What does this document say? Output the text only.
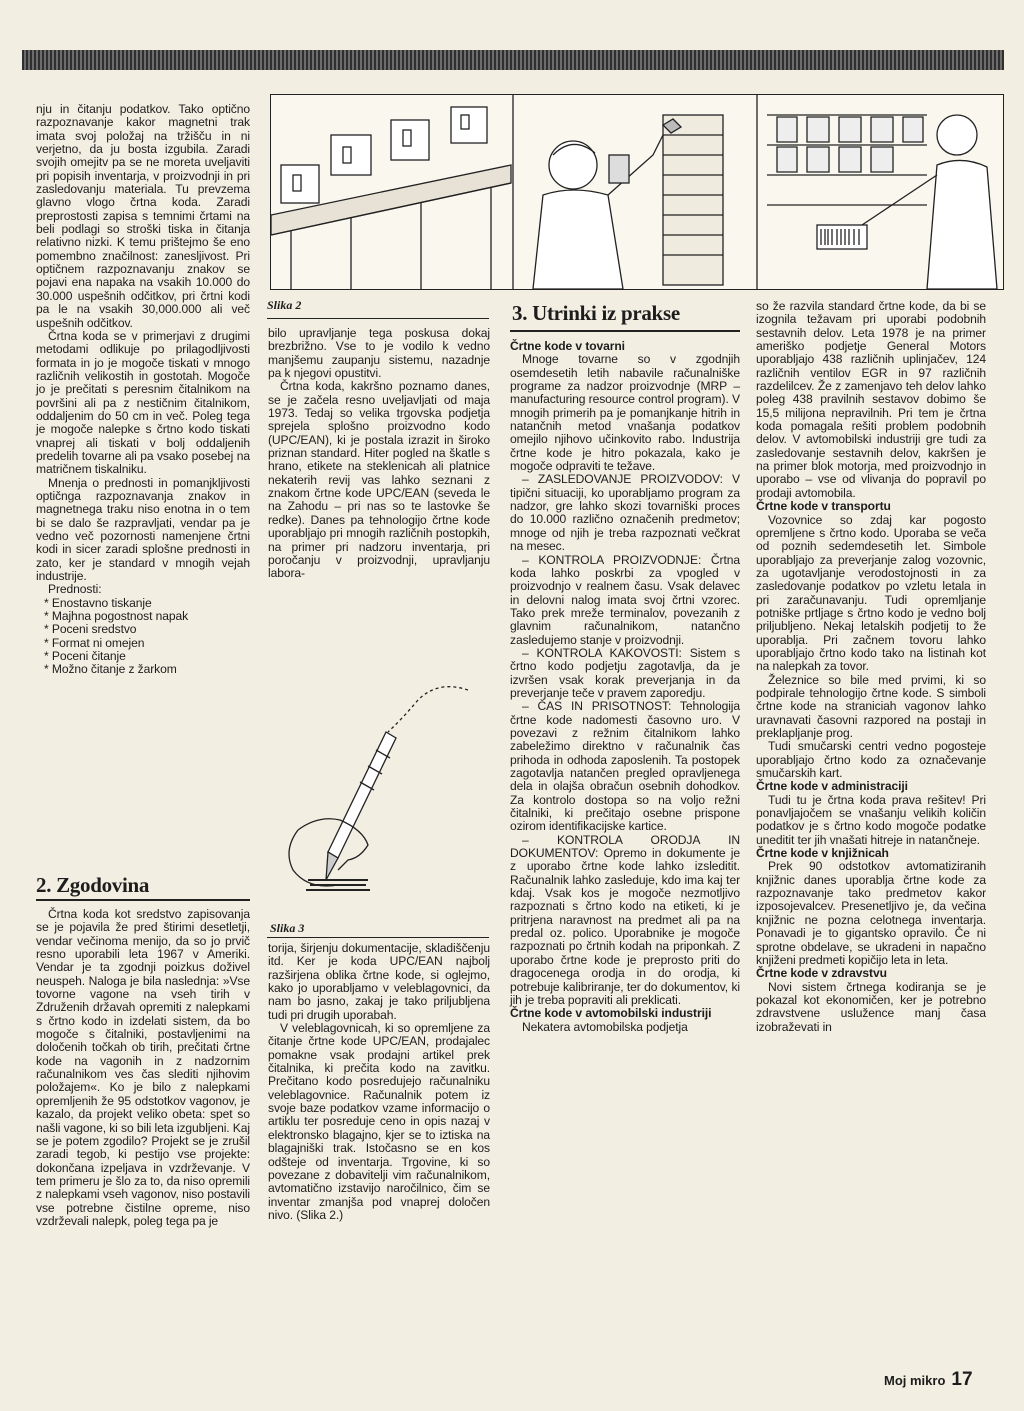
nju in čitanju podatkov. Tako optično razpoznavanje kakor magnetni trak imata svoj položaj na tržišču in ni verjetno, da ju bosta izgubila. Zaradi svojih omejitv pa se ne moreta uveljaviti pri popisih inventarja, v proizvodnji in pri zasledovanju materiala. Tu prevzema glavno vlogo črtna koda. Zaradi preprostosti zapisa s temnimi črtami na beli podlagi so stroški tiska in čitanja relativno nizki. K temu prištejmo še eno pomembno značilnost: zanesljivost. Pri optičnem razpoznavanju znakov se pojavi ena napaka na vsakih 10.000 do 30.000 uspešnih odčitkov, pri črtni kodi pa le na vsakih 30,000.000 ali več uspešnih odčitkov.

Črtna koda se v primerjavi z drugimi metodami odlikuje po prilagodljivosti formata in jo je mogoče tiskati v mnogo različnih velikostih in gostotah. Mogoče jo je prečitati s peresnim čitalnikom na površini ali pa z nestičnim čitalnikom, oddaljenim do 50 cm in več. Poleg tega je mogoče nalepke s črtno kodo tiskati vnaprej ali tiskati v bolj oddaljenih predelih tovarne ali pa vsako posebej na matričnem tiskalniku.

Mnenja o prednosti in pomanjkljivosti optičnga razpoznavanja znakov in magnetnega traku niso enotna in o tem bi se dalo še razpravljati, vendar pa je vedno več pozornosti namenjene črtni kodi in sicer zaradi splošne prednosti in zato, ker je standard v mnogih vejah industrije.

Prednosti:

* Enostavno tiskanje
* Majhna pogostnost napak
* Poceni sredstvo
* Format ni omejen
* Poceni čitanje
* Možno čitanje z žarkom
2. Zgodovina

Črtna koda kot sredstvo zapisovanja se je pojavila že pred štirimi desetletji, vendar večinoma menijo, da so jo prvič resno uporabili leta 1967 v Ameriki. Vendar je ta zgodnji poizkus doživel neuspeh. Naloga je bila naslednja: »Vse tovorne vagone na vseh tirih v Združenih državah opremiti z nalepkami s črtno kodo in izdelati sistem, da bo mogoče s čitalniki, postavljenimi na določenih točkah ob tirih, prečitati črtne kode na vagonih in z nadzornim računalnikom ves čas slediti njihovim položajem«. Ko je bilo z nalepkami opremljenih že 95 odstotkov vagonov, je kazalo, da projekt veliko obeta: spet so našli vagone, ki so bili leta izgubljeni. Kaj se je potem zgodilo? Projekt se je zrušil zaradi tegob, ki pestijo vse projekte: dokončana izpeljava in vzdrževanje. V tem primeru je šlo za to, da niso opremili z nalepkami vseh vagonov, niso postavili vse potrebne čistilne opreme, niso vzdrževali nalepk, poleg tega pa je

Slika 2

bilo upravljanje tega poskusa dokaj brezbrižno. Vse to je vodilo k vedno manjšemu zaupanju sistemu, nazadnje pa k njegovi opustitvi.

Črtna koda, kakršno poznamo danes, se je začela resno uveljavljati od maja 1973. Tedaj so velika trgovska podjetja sprejela splošno proizvodno kodo (UPC/EAN), ki je postala izrazit in široko priznan standard. Hiter pogled na škatle s hrano, etikete na steklenicah ali platnice nekaterih revij vas lahko seznani z znakom črtne kode UPC/EAN (seveda le na Zahodu – pri nas so te lastovke še redke). Danes pa tehnologijo črtne kode uporabljajo pri mnogih različnih postopkih, na primer pri nadzoru inventarja, pri poročanju v proizvodnji, upravljanju labora-

Slika 3

torija, širjenju dokumentacije, skladiščenju itd. Ker je koda UPC/EAN najbolj razširjena oblika črtne kode, si oglejmo, kako jo uporabljamo v veleblagovnici, da nam bo jasno, zakaj je tako priljubljena tudi pri drugih uporabah.

V veleblagovnicah, ki so opremljene za čitanje črtne kode UPC/EAN, prodajalec pomakne vsak prodajni artikel prek čitalnika, ki prečita kodo na zavitku. Prečitano kodo posredujejo računalniku veleblagovnice. Računalnik potem iz svoje baze podatkov vzame informacijo o artiklu ter posreduje ceno in opis nazaj v elektronsko blagajno, kjer se to iztiska na blagajniški trak. Istočasno se en kos odšteje od inventarja. Trgovine, ki so povezane z dobavitelji vim računalnikom, avtomatično izstavijo naročilnico, čim se inventar zmanjša pod vnaprej določen nivo. (Slika 2.)

3. Utrinki iz prakse

Črtne kode v tovarni

Mnoge tovarne so v zgodnjih osemdesetih letih nabavile računalniške programe za nadzor proizvodnje (MRP – manufacturing resource control program). V mnogih primerih pa je pomanjkanje hitrih in natančnih metod vnašanja podatkov omejilo njihovo učinkovito rabo. Industrija črtne kode je hitro pokazala, kako je mogoče odpraviti te težave.

– ZASLEDOVANJE PROIZVODOV: V tipični situaciji, ko uporabljamo program za nadzor, gre lahko skozi tovarniški proces do 10.000 različno označenih predmetov; mnoge od njih je treba razpoznati večkrat na mesec.

– KONTROLA PROIZVODNJE: Črtna koda lahko poskrbi za vpogled v proizvodnjo v realnem času. Vsak delavec in delovni nalog imata svoj črtni vzorec. Tako prek mreže terminalov, povezanih z glavnim računalnikom, natančno zasledujemo stanje v proizvodnji.

– KONTROLA KAKOVOSTI: Sistem s črtno kodo podjetju zagotavlja, da je izvršen vsak korak preverjanja in da preverjanje teče v pravem zaporedju.

– ČAS IN PRISOTNOST: Tehnologija črtne kode nadomesti časovno uro. V povezavi z režnim čitalnikom lahko zabeležimo direktno v računalnik čas prihoda in odhoda zaposlenih. Ta postopek zagotavlja natančen pregled opravljenega dela in olajša obračun osebnih dohodkov. Za kontrolo dostopa so na voljo režni čitalniki, ki prečitajo osebne prispone ozirom identifikacijske kartice.

– KONTROLA ORODJA IN DOKUMENTOV: Opremo in dokumente je z uporabo črtne kode lahko izsleditit. Računalnik lahko zasleduje, kdo ima kaj ter kdaj. Vsak kos je mogoče nezmotljivo razpoznati s črtno kodo na etiketi, ki je pritrjena naravnost na predmet ali pa na predal oz. polico. Uporabnike je mogoče razpoznati po črtnih kodah na priponkah. Z uporabo črtne kode je preprosto priti do dragocenega orodja in do orodja, ki potrebuje kalibriranje, ter do dokumentov, ki jih je treba popraviti ali preklicati.

Črtne kode v avtomobilski industriji

Nekatera avtomobilska podjetja

so že razvila standard črtne kode, da bi se izognila težavam pri uporabi podobnih sestavnih delov. Leta 1978 je na primer ameriško podjetje General Motors uporabljajo 438 različnih uplinjačev, 124 različnih ventilov EGR in 97 različnih razdelilcev. Že z zamenjavo teh delov lahko poleg 438 pravilnih sestavov dobimo še 15,5 milijona nepravilnih. Pri tem je črtna koda pomagala rešiti problem podobnih delov. V avtomobilski industriji gre tudi za zasledovanje sestavnih delov, kakršen je na primer blok motorja, med proizvodnjo in uporabo – vse od vlivanja do popravil po prodaji avtomobila.

Črtne kode v transportu

Vozovnice so zdaj kar pogosto opremljene s črtno kodo. Uporaba se veča od poznih sedemdesetih let. Simbole uporabljajo za preverjanje zalog vozovnic, za ugotavljanje verodostojnosti in za zasledovanje podatkov po vzletu letala in pri zaračunavanju. Tudi opremljanje potniške prtljage s črtno kodo je vedno bolj priljubljeno. Nekaj letalskih podjetij to že uporablja. Pri začnem tovoru lahko uporabljajo črtno kodo tako na listinah kot na nalepkah za tovor.

Železnice so bile med prvimi, ki so podpirale tehnologijo črtne kode. S simboli črtne kode na straniciah vagonov lahko uravnavati časovni razpored na postaji in preklapljanje prog.

Tudi smučarski centri vedno pogosteje uporabljajo črtno kodo za označevanje smučarskih kart.

Črtne kode v administraciji

Tudi tu je črtna koda prava rešitev! Pri ponavljajočem se vnašanju velikih količin podatkov je s črtno kodo mogoče podatke uneditit ter jih vnašati hitreje in natančneje.

Črtne kode v knjižnicah

Prek 90 odstotkov avtomatiziranih knjižnic danes uporablja črtne kode za razpoznavanje tako predmetov kakor izposojevalcev. Presenetljivo je, da večina knjižnic ne pozna celotnega inventarja. Ponavadi je to gigantsko opravilo. Če ni sprotne obdelave, se ukradeni in napačno knjiženi predmeti kopičijo leta in leta.

Črtne kode v zdravstvu

Novi sistem črtnega kodiranja se je pokazal kot ekonomičen, ker je potrebno zdravstvene uslužence manj časa izobraževati in

Moj mikro 17
